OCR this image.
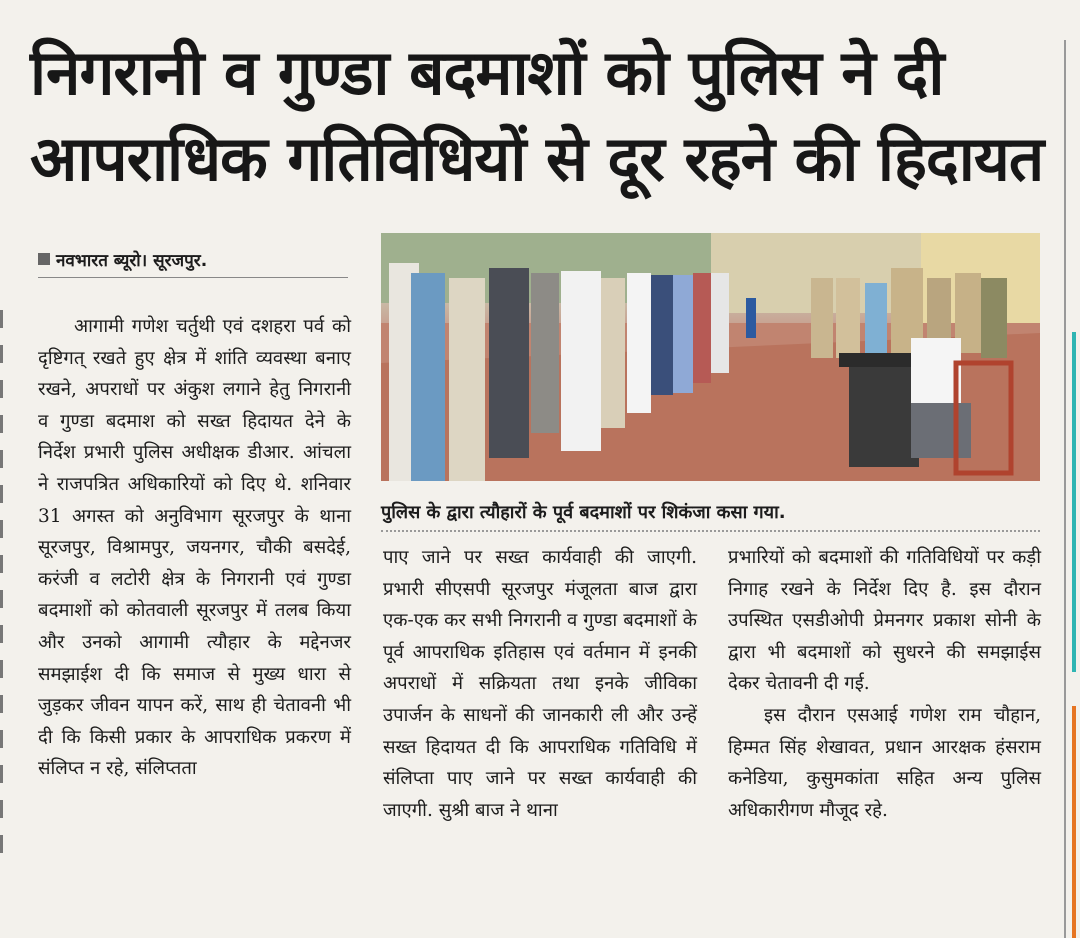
निगरानी व गुण्डा बदमाशों को पुलिस ने दी
आपराधिक गतिविधियों से दूर रहने की हिदायत
नवभारत ब्यूरो। सूरजपुर.
पुलिस के द्वारा त्यौहारों के पूर्व बदमाशों पर शिकंजा कसा गया.

आगामी गणेश चर्तुथी एवं दशहरा पर्व को दृष्टिगत् रखते हुए क्षेत्र में शांति व्यवस्था बनाए रखने, अपराधों पर अंकुश लगाने हेतु निगरानी व गुण्डा बदमाश को सख्त हिदायत देने के निर्देश प्रभारी पुलिस अधीक्षक डीआर. आंचला ने राजपत्रित अधिकारियों को दिए थे. शनिवार 31 अगस्त को अनुविभाग सूरजपुर के थाना सूरजपुर, विश्रामपुर, जयनगर, चौकी बसदेई, करंजी व लटोरी क्षेत्र के निगरानी एवं गुण्डा बदमाशों को कोतवाली सूरजपुर में तलब किया और उनको आगामी त्यौहार के मद्देनजर समझाईश दी कि समाज से मुख्य धारा से जुड़कर जीवन यापन करें, साथ ही चेतावनी भी दी कि किसी प्रकार के आपराधिक प्रकरण में संलिप्त न रहे, संलिप्तता

पाए जाने पर सख्त कार्यवाही की जाएगी. प्रभारी सीएसपी सूरजपुर मंजूलता बाज द्वारा एक-एक कर सभी निगरानी व गुण्डा बदमाशों के पूर्व आपराधिक इतिहास एवं वर्तमान में इनकी अपराधों में सक्रियता तथा इनके जीविका उपार्जन के साधनों की जानकारी ली और उन्हें सख्त हिदायत दी कि आपराधिक गतिविधि में संलिप्ता पाए जाने पर सख्त कार्यवाही की जाएगी. सुश्री बाज ने थाना

प्रभारियों को बदमाशों की गतिविधियों पर कड़ी निगाह रखने के निर्देश दिए है. इस दौरान उपस्थित एसडीओपी प्रेमनगर प्रकाश सोनी के द्वारा भी बदमाशों को सुधरने की समझाईस देकर चेतावनी दी गई.

इस दौरान एसआई गणेश राम चौहान, हिम्मत सिंह शेखावत, प्रधान आरक्षक हंसराम कनेडिया, कुसुमकांता सहित अन्य पुलिस अधिकारीगण मौजूद रहे.
